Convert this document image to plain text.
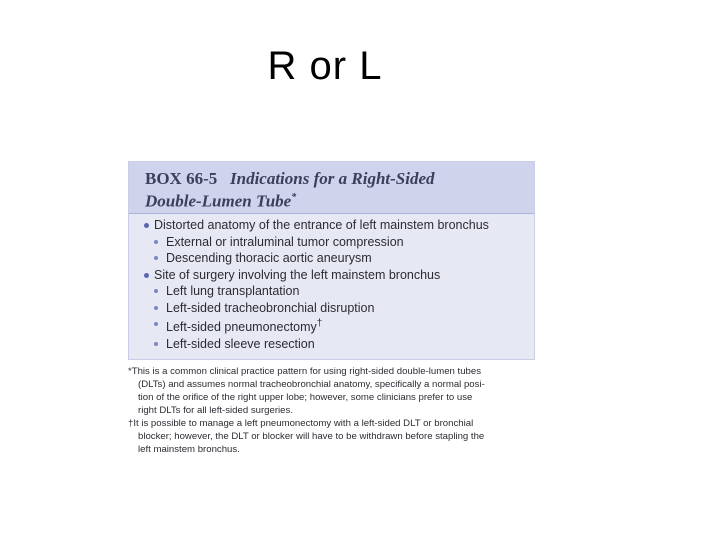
R or L
BOX 66-5 Indications for a Right-Sided
Double-Lumen Tube*
Distorted anatomy of the entrance of left mainstem bronchus
External or intraluminal tumor compression
Descending thoracic aortic aneurysm
Site of surgery involving the left mainstem bronchus
Left lung transplantation
Left-sided tracheobronchial disruption
Left-sided pneumonectomy†
Left-sided sleeve resection
*This is a common clinical practice pattern for using right-sided double-lumen tubes
(DLTs) and assumes normal tracheobronchial anatomy, specifically a normal posi-
tion of the orifice of the right upper lobe; however, some clinicians prefer to use
right DLTs for all left-sided surgeries.
†It is possible to manage a left pneumonectomy with a left-sided DLT or bronchial
blocker; however, the DLT or blocker will have to be withdrawn before stapling the
left mainstem bronchus.
